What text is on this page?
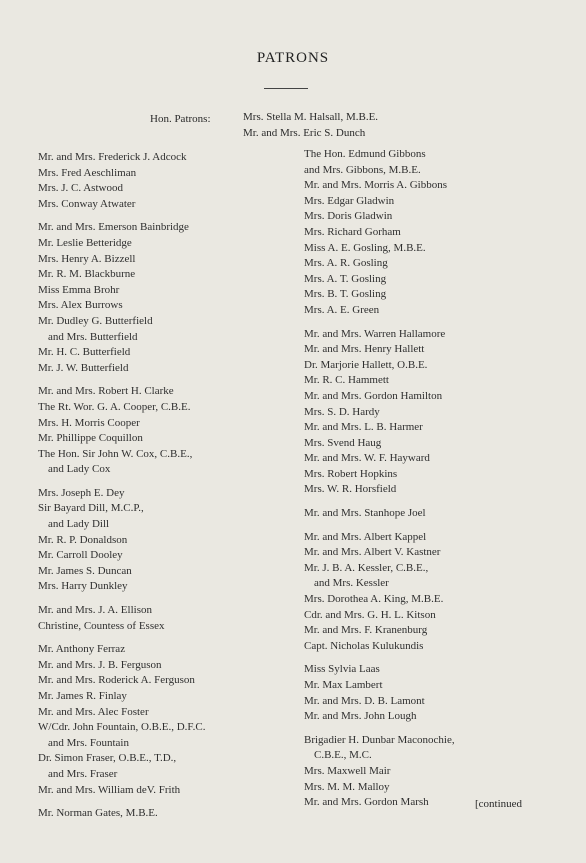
PATRONS
Hon. Patrons:	Mrs. Stella M. Halsall, M.B.E.
Mr. and Mrs. Eric S. Dunch
Mr. and Mrs. Frederick J. Adcock
Mrs. Fred Aeschliman
Mrs. J. C. Astwood
Mrs. Conway Atwater
Mr. and Mrs. Emerson Bainbridge
Mr. Leslie Betteridge
Mrs. Henry A. Bizzell
Mr. R. M. Blackburne
Miss Emma Brohr
Mrs. Alex Burrows
Mr. Dudley G. Butterfield
and Mrs. Butterfield
Mr. H. C. Butterfield
Mr. J. W. Butterfield
Mr. and Mrs. Robert H. Clarke
The Rt. Wor. G. A. Cooper, C.B.E.
Mrs. H. Morris Cooper
Mr. Phillippe Coquillon
The Hon. Sir John W. Cox, C.B.E.,
and Lady Cox
Mrs. Joseph E. Dey
Sir Bayard Dill, M.C.P.,
and Lady Dill
Mr. R. P. Donaldson
Mr. Carroll Dooley
Mr. James S. Duncan
Mrs. Harry Dunkley
Mr. and Mrs. J. A. Ellison
Christine, Countess of Essex
Mr. Anthony Ferraz
Mr. and Mrs. J. B. Ferguson
Mr. and Mrs. Roderick A. Ferguson
Mr. James R. Finlay
Mr. and Mrs. Alec Foster
W/Cdr. John Fountain, O.B.E., D.F.C.
and Mrs. Fountain
Dr. Simon Fraser, O.B.E., T.D.,
and Mrs. Fraser
Mr. and Mrs. William deV. Frith
Mr. Norman Gates, M.B.E.
The Hon. Edmund Gibbons
and Mrs. Gibbons, M.B.E.
Mr. and Mrs. Morris A. Gibbons
Mrs. Edgar Gladwin
Mrs. Doris Gladwin
Mrs. Richard Gorham
Miss A. E. Gosling, M.B.E.
Mrs. A. R. Gosling
Mrs. A. T. Gosling
Mrs. B. T. Gosling
Mrs. A. E. Green
Mr. and Mrs. Warren Hallamore
Mr. and Mrs. Henry Hallett
Dr. Marjorie Hallett, O.B.E.
Mr. R. C. Hammett
Mr. and Mrs. Gordon Hamilton
Mrs. S. D. Hardy
Mr. and Mrs. L. B. Harmer
Mrs. Svend Haug
Mr. and Mrs. W. F. Hayward
Mrs. Robert Hopkins
Mrs. W. R. Horsfield
Mr. and Mrs. Stanhope Joel
Mr. and Mrs. Albert Kappel
Mr. and Mrs. Albert V. Kastner
Mr. J. B. A. Kessler, C.B.E.,
and Mrs. Kessler
Mrs. Dorothea A. King, M.B.E.
Cdr. and Mrs. G. H. L. Kitson
Mr. and Mrs. F. Kranenburg
Capt. Nicholas Kulukundis
Miss Sylvia Laas
Mr. Max Lambert
Mr. and Mrs. D. B. Lamont
Mr. and Mrs. John Lough
Brigadier H. Dunbar Maconochie,
C.B.E., M.C.
Mrs. Maxwell Mair
Mrs. M. M. Malloy
Mr. and Mrs. Gordon Marsh	[continued
